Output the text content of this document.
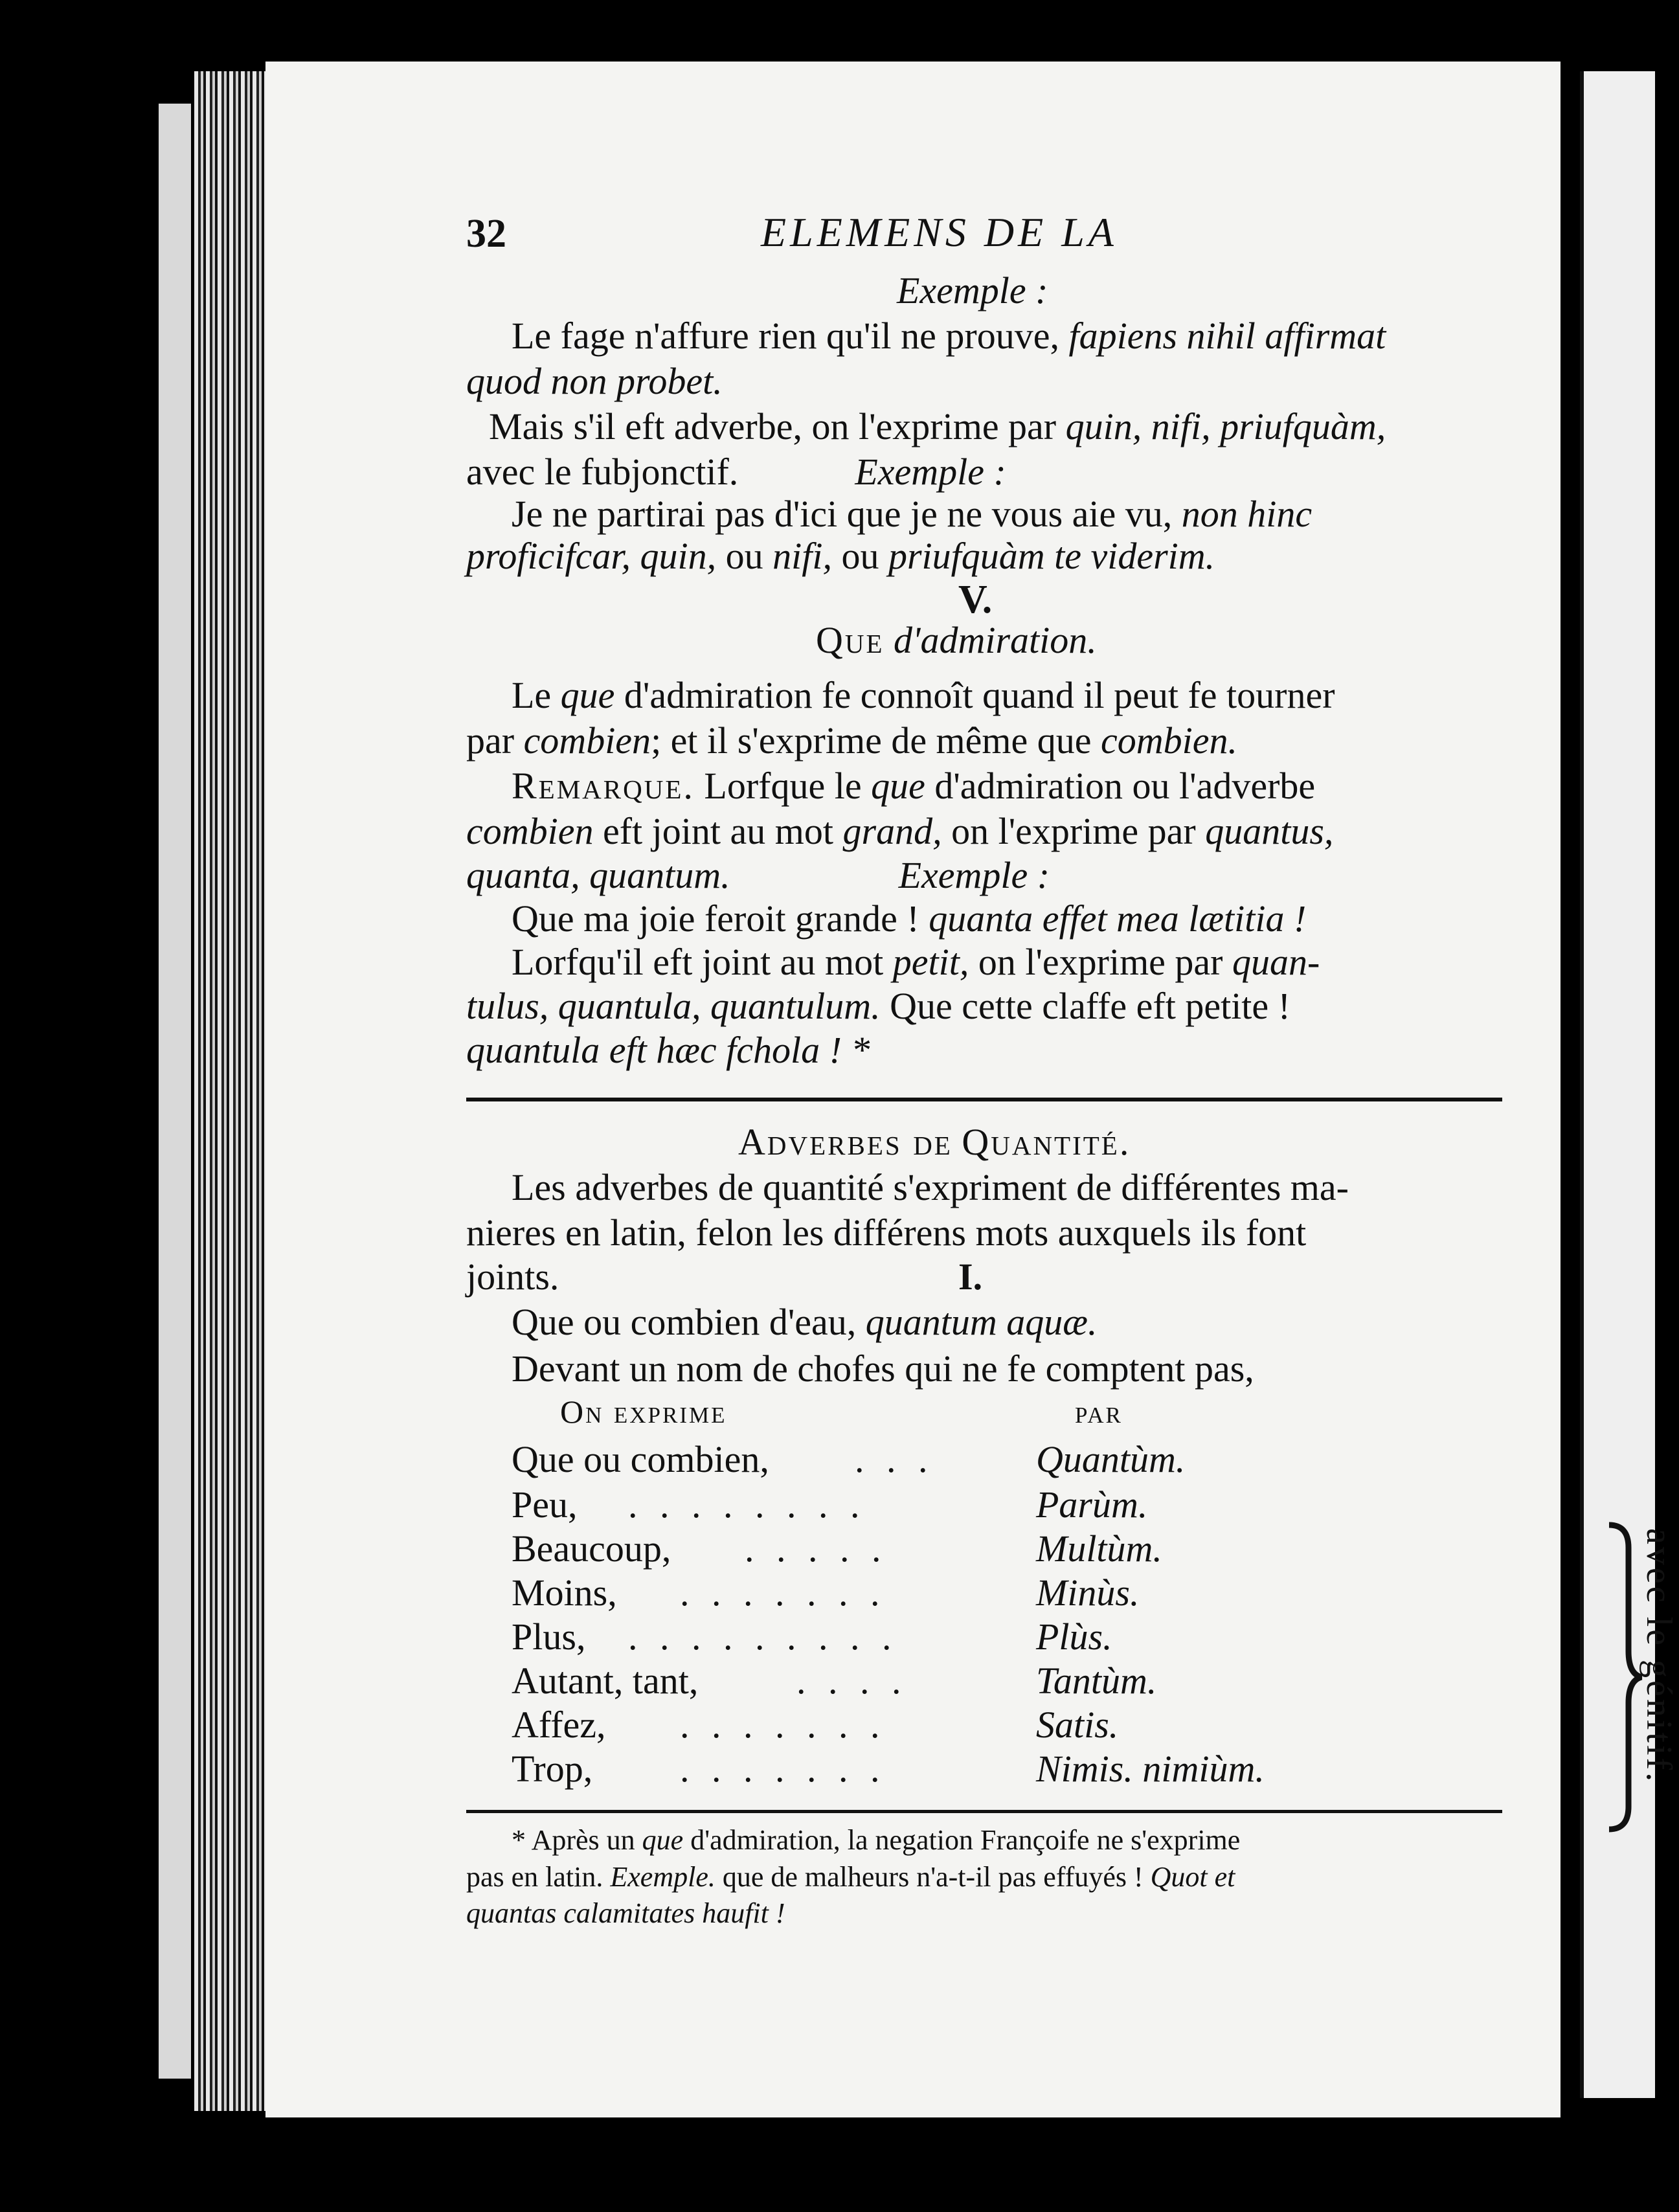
32	ELEMENS DE LA
Exemple :
Le fage n'affure rien qu'il ne prouve, fapiens nihil affirmat
quod non probet.
Mais s'il eft adverbe, on l'exprime par quin, nifi, priufquàm,
avec le fubjonctif.	Exemple :
Je ne partirai pas d'ici que je ne vous aie vu, non hinc
proficifcar, quin, ou nifi, ou priufquàm te viderim.
V.
Que d'admiration.
Le que d'admiration fe connoît quand il peut fe tourner
par combien; et il s'exprime de même que combien.
Remarque. Lorfque le que d'admiration ou l'adverbe
combien eft joint au mot grand, on l'exprime par quantus,
quanta, quantum.	Exemple :
Que ma joie feroit grande ! quanta effet mea lætitia !
Lorfqu'il eft joint au mot petit, on l'exprime par quan-
tulus, quantula, quantulum. Que cette claffe eft petite !
quantula eft hæc fchola ! *
Adverbes de Quantité.
Les adverbes de quantité s'expriment de différentes ma-
nieres en latin, felon les différens mots auxquels ils font
joints.	I.
Que ou combien d'eau, quantum aquæ.
Devant un nom de chofes qui ne fe comptent pas,
On exprime	par
Que ou combien, . . .	Quantùm.
Peu, . . . . . . . .	Parùm.
Beaucoup, . . . . .	Multùm.
Moins, . . . . . . .	Minùs.
Plus, . . . . . . . . .	Plùs.
Autant, tant,	. . . .	Tantùm.
Affez, . . . . . . .	Satis.
Trop, . . . . . . .	Nimis. nimiùm.	avec le génitif.
* Après un que d'admiration, la negation Françoife ne s'exprime
pas en latin. Exemple. que de malheurs n'a-t-il pas effuyés ! Quot et
quantas calamitates haufit !
